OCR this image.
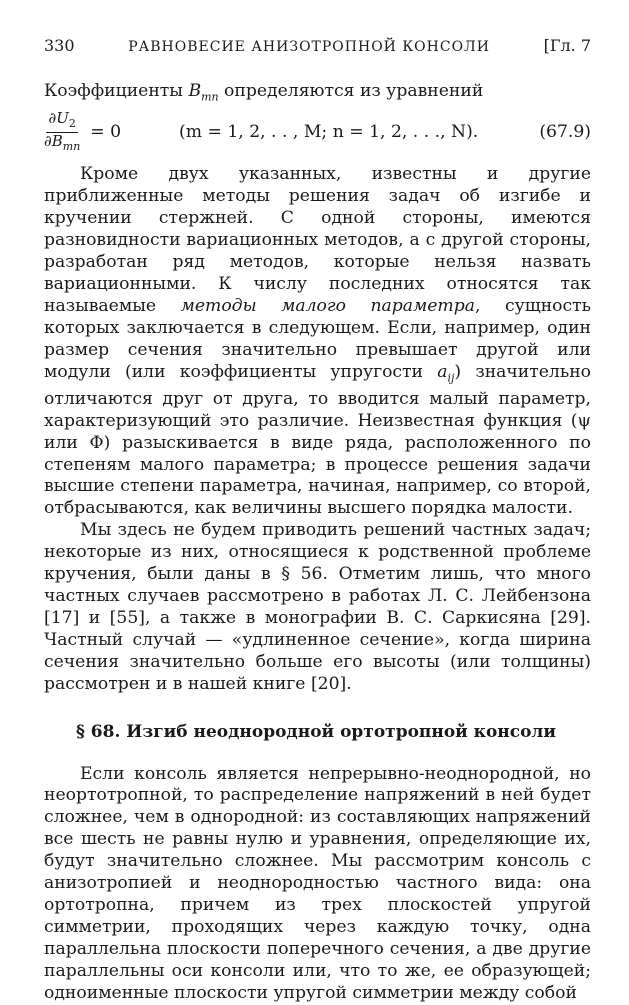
330	РАВНОВЕСИЕ АНИЗОТРОПНОЙ КОНСОЛИ	[Гл. 7

Коэффициенты $B_{mn}$ определяются из уравнений

$\frac{\partial U_2}{\partial B_{mn}} = 0$	(m = 1, 2, . . , M; n = 1, 2, . . ., N).	(67.9)

Кроме двух указанных, известны и другие приближенные методы решения задач об изгибе и кручении стержней. С одной стороны, имеются разновидности вариационных методов, а с другой стороны, разработан ряд методов, которые нельзя назвать вариационными. К числу последних относятся так называемые методы малого параметра, сущность которых заключается в следующем. Если, например, один размер сечения значительно превышает другой или модули (или коэффициенты упругости $a_{ij}$) значительно отличаются друг от друга, то вводится малый параметр, характеризующий это различие. Неизвестная функция (ψ или Φ) разыскивается в виде ряда, расположенного по степеням малого параметра; в процессе решения задачи высшие степени параметра, начиная, например, со второй, отбрасываются, как величины высшего порядка малости.

Мы здесь не будем приводить решений частных задач; некоторые из них, относящиеся к родственной проблеме кручения, были даны в § 56. Отметим лишь, что много частных случаев рассмотрено в работах Л. С. Лейбензона [17] и [55], а также в монографии В. С. Саркисяна [29]. Частный случай — «удлиненное сечение», когда ширина сечения значительно больше его высоты (или толщины) рассмотрен и в нашей книге [20].

§ 68. Изгиб неоднородной ортотропной консоли

Если консоль является непрерывно-неоднородной, но неортотропной, то распределение напряжений в ней будет сложнее, чем в однородной: из составляющих напряжений все шесть не равны нулю и уравнения, определяющие их, будут значительно сложнее. Мы рассмотрим консоль с анизотропией и неоднородностью частного вида: она ортотропна, причем из трех плоскостей упругой симметрии, проходящих через каждую точку, одна параллельна плоскости поперечного сечения, а две другие параллельны оси консоли или, что то же, ее образующей; одноименные плоскости упругой симметрии между собой
